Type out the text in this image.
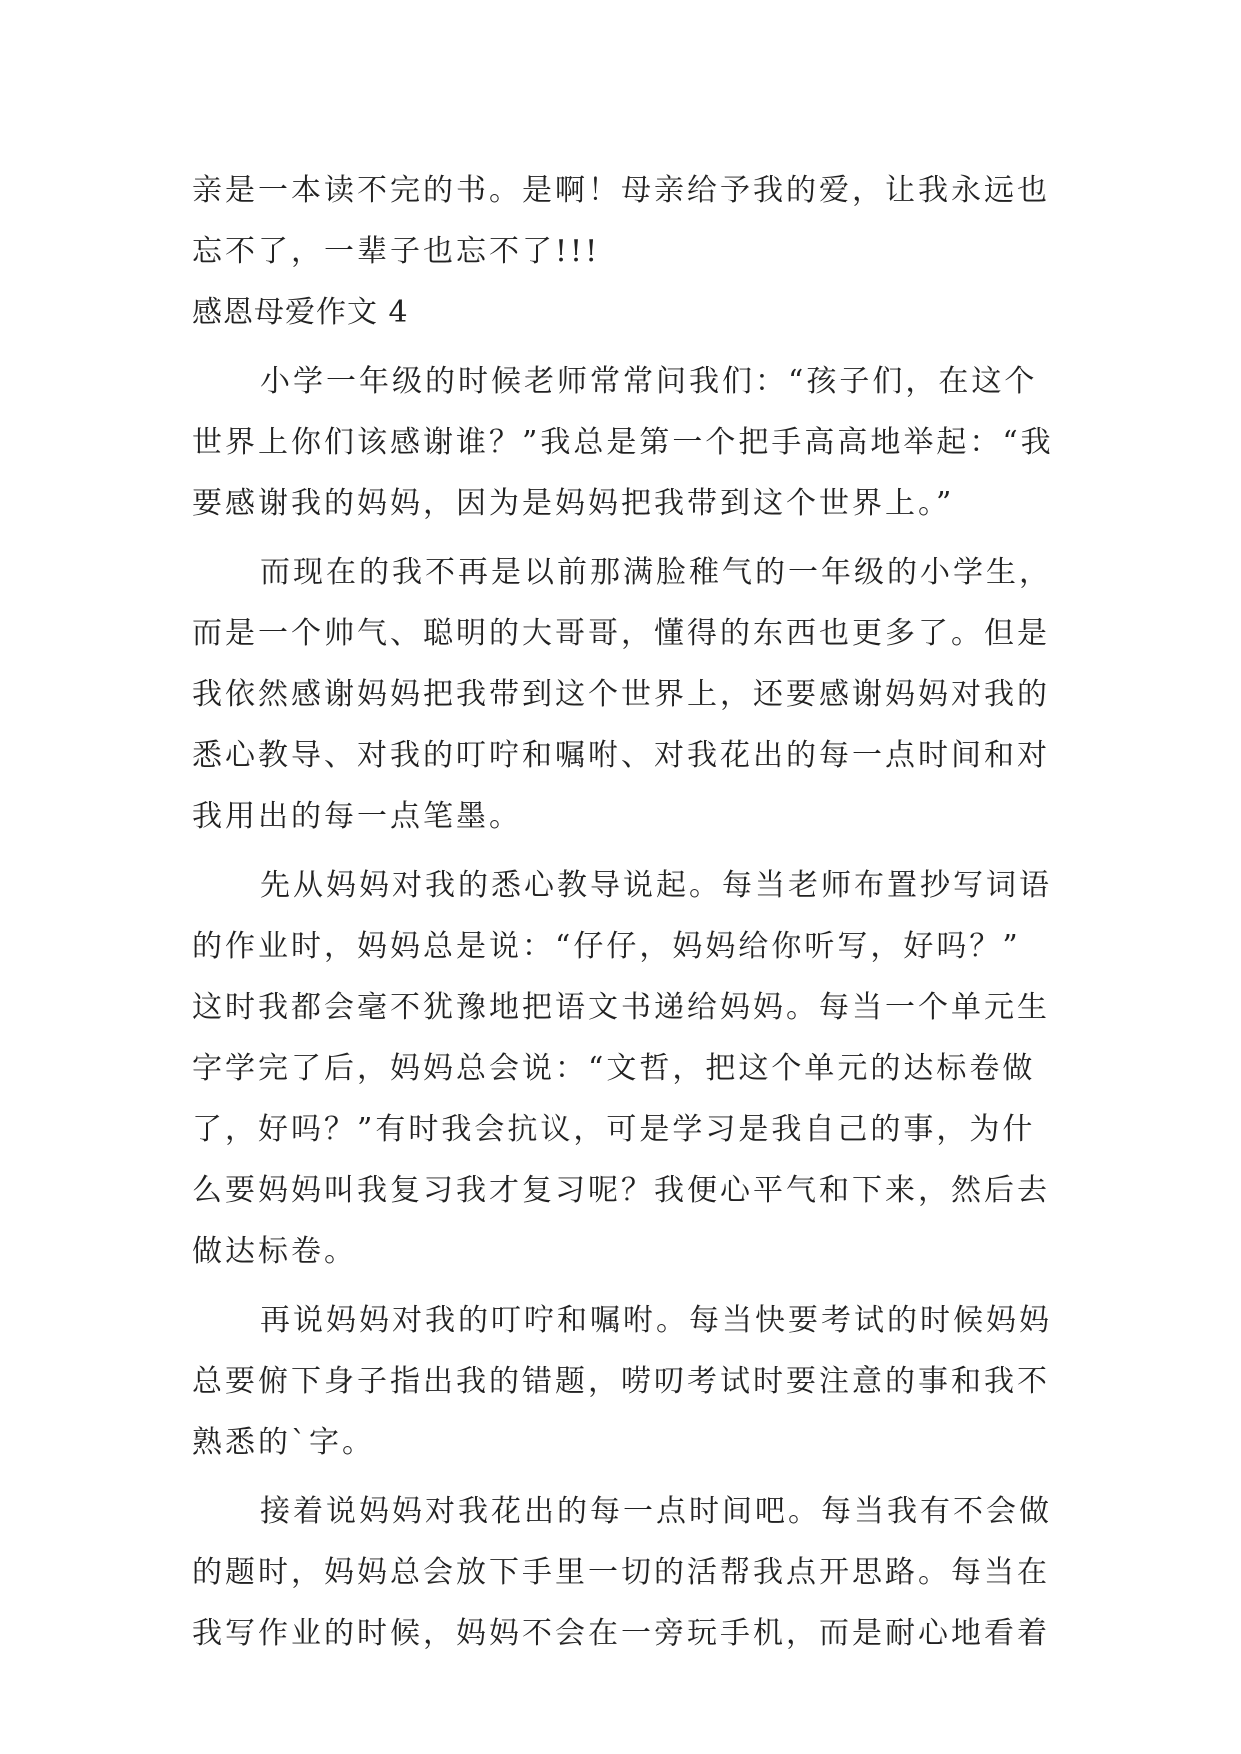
亲是一本读不完的书。是啊！母亲给予我的爱，让我永远也
忘不了，一辈子也忘不了!!!
感恩母爱作文 4
小学一年级的时候老师常常问我们：“孩子们，在这个
世界上你们该感谢谁？”我总是第一个把手高高地举起：“我
要感谢我的妈妈，因为是妈妈把我带到这个世界上。”
而现在的我不再是以前那满脸稚气的一年级的小学生，
而是一个帅气、聪明的大哥哥，懂得的东西也更多了。但是
我依然感谢妈妈把我带到这个世界上，还要感谢妈妈对我的
悉心教导、对我的叮咛和嘱咐、对我花出的每一点时间和对
我用出的每一点笔墨。
先从妈妈对我的悉心教导说起。每当老师布置抄写词语
的作业时，妈妈总是说：“仔仔，妈妈给你听写，好吗？”
这时我都会毫不犹豫地把语文书递给妈妈。每当一个单元生
字学完了后，妈妈总会说：“文哲，把这个单元的达标卷做
了，好吗？”有时我会抗议，可是学习是我自己的事，为什
么要妈妈叫我复习我才复习呢？我便心平气和下来，然后去
做达标卷。
再说妈妈对我的叮咛和嘱咐。每当快要考试的时候妈妈
总要俯下身子指出我的错题，唠叨考试时要注意的事和我不
熟悉的`字。
接着说妈妈对我花出的每一点时间吧。每当我有不会做
的题时，妈妈总会放下手里一切的活帮我点开思路。每当在
我写作业的时候，妈妈不会在一旁玩手机，而是耐心地看着
